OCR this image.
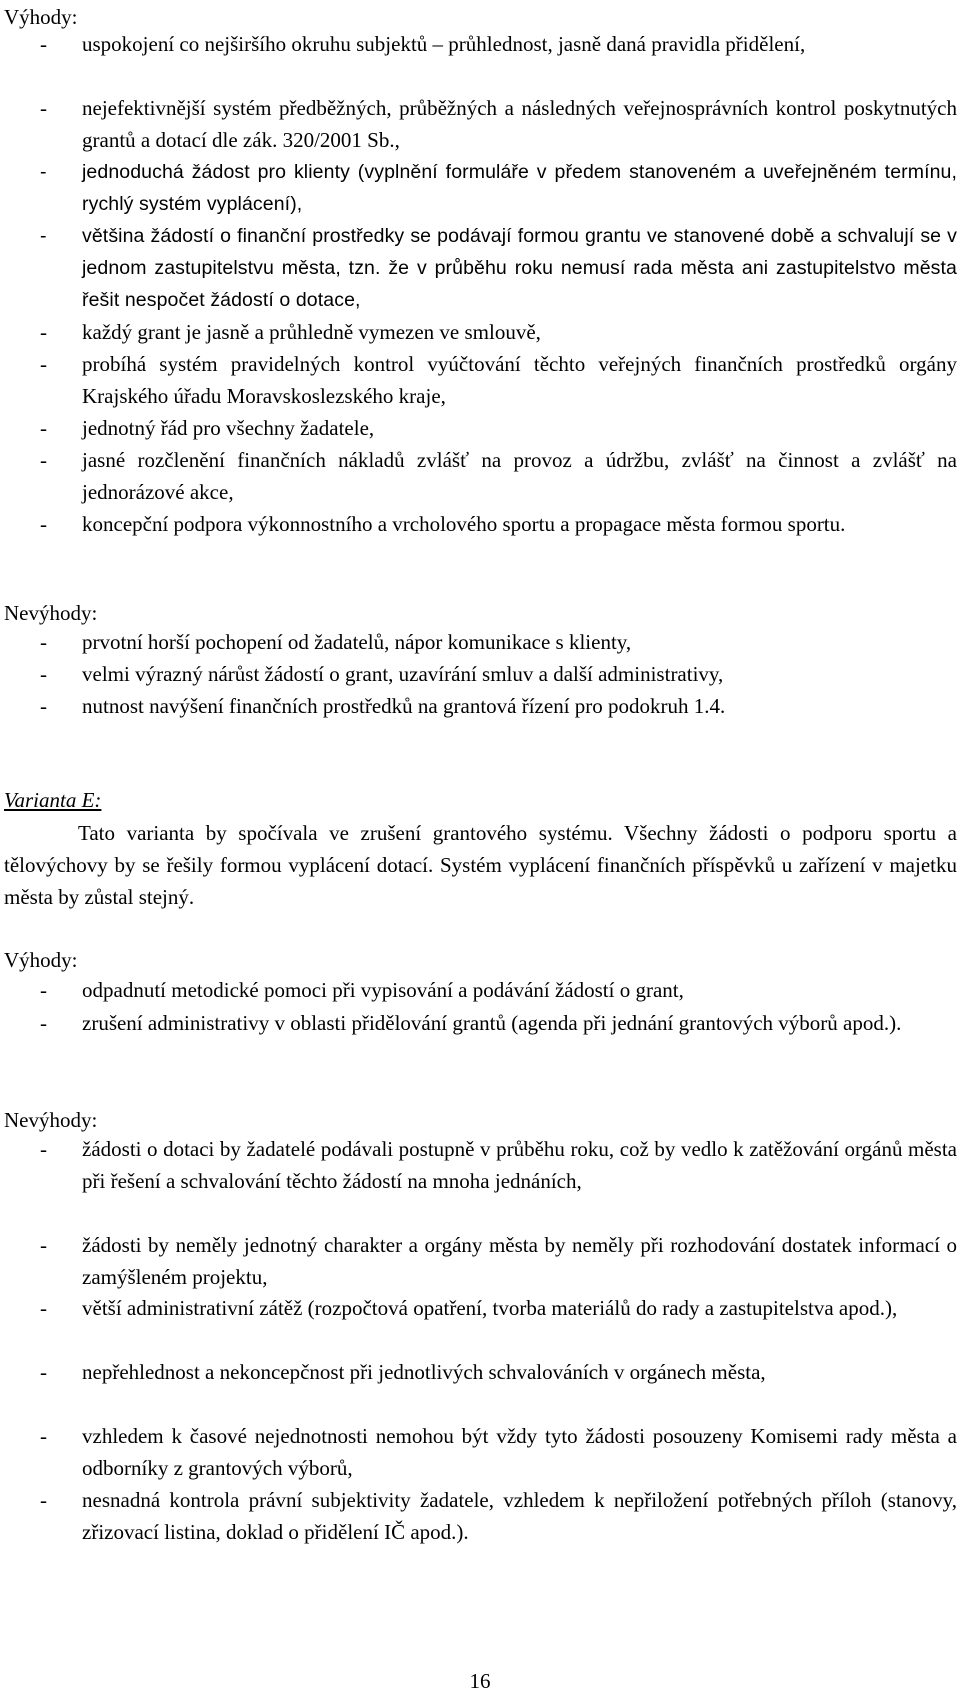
Výhody:
- uspokojení co nejširšího okruhu subjektů – průhlednost, jasně daná pravidla přidělení,
- nejefektivnější systém předběžných, průběžných a následných veřejnosprávních kontrol poskytnutých grantů a dotací dle zák. 320/2001 Sb.,
- jednoduchá žádost pro klienty (vyplnění formuláře v předem stanoveném a uveřejněném termínu, rychlý systém vyplácení),
- většina žádostí o finanční prostředky se podávají formou grantu ve stanovené době a schvalují se v jednom zastupitelstvu města, tzn. že v průběhu roku nemusí rada města ani zastupitelstvo města řešit nespočet žádostí o dotace,
- každý grant je jasně a průhledně vymezen ve smlouvě,
- probíhá systém pravidelných kontrol vyúčtování těchto veřejných finančních prostředků orgány Krajského úřadu Moravskoslezského kraje,
- jednotný řád pro všechny žadatele,
- jasné rozčlenění finančních nákladů zvlášť na provoz a údržbu, zvlášť na činnost a zvlášť na jednorázové akce,
- koncepční podpora výkonnostního a vrcholového sportu a propagace města formou sportu.
Nevýhody:
- prvotní horší pochopení od žadatelů, nápor komunikace s klienty,
- velmi výrazný nárůst žádostí o grant, uzavírání smluv a další administrativy,
- nutnost navýšení finančních prostředků na grantová řízení pro podokruh 1.4.
Varianta E:
Tato varianta by spočívala ve zrušení grantového systému. Všechny žádosti o podporu sportu a tělovýchovy by se řešily formou vyplácení dotací. Systém vyplácení finančních příspěvků u zařízení v majetku města by zůstal stejný.
Výhody:
- odpadnutí metodické pomoci při vypisování a podávání žádostí o grant,
- zrušení administrativy v oblasti přidělování grantů (agenda při jednání grantových výborů apod.).
Nevýhody:
- žádosti o dotaci by žadatelé podávali postupně v průběhu roku, což by vedlo k zatěžování orgánů města při řešení a schvalování těchto žádostí na mnoha jednáních,
- žádosti by neměly jednotný charakter a orgány města by neměly při rozhodování dostatek informací o zamýšleném projektu,
- větší administrativní zátěž (rozpočtová opatření, tvorba materiálů do rady a zastupitelstva apod.),
- nepřehlednost a nekoncepčnost při jednotlivých schvalováních v orgánech města,
- vzhledem k časové nejednotnosti nemohou být vždy tyto žádosti posouzeny Komisemi rady města a odborníky z grantových výborů,
- nesnadná kontrola právní subjektivity žadatele, vzhledem k nepřiložení potřebných příloh (stanovy, zřizovací listina, doklad o přidělení IČ apod.).
16
